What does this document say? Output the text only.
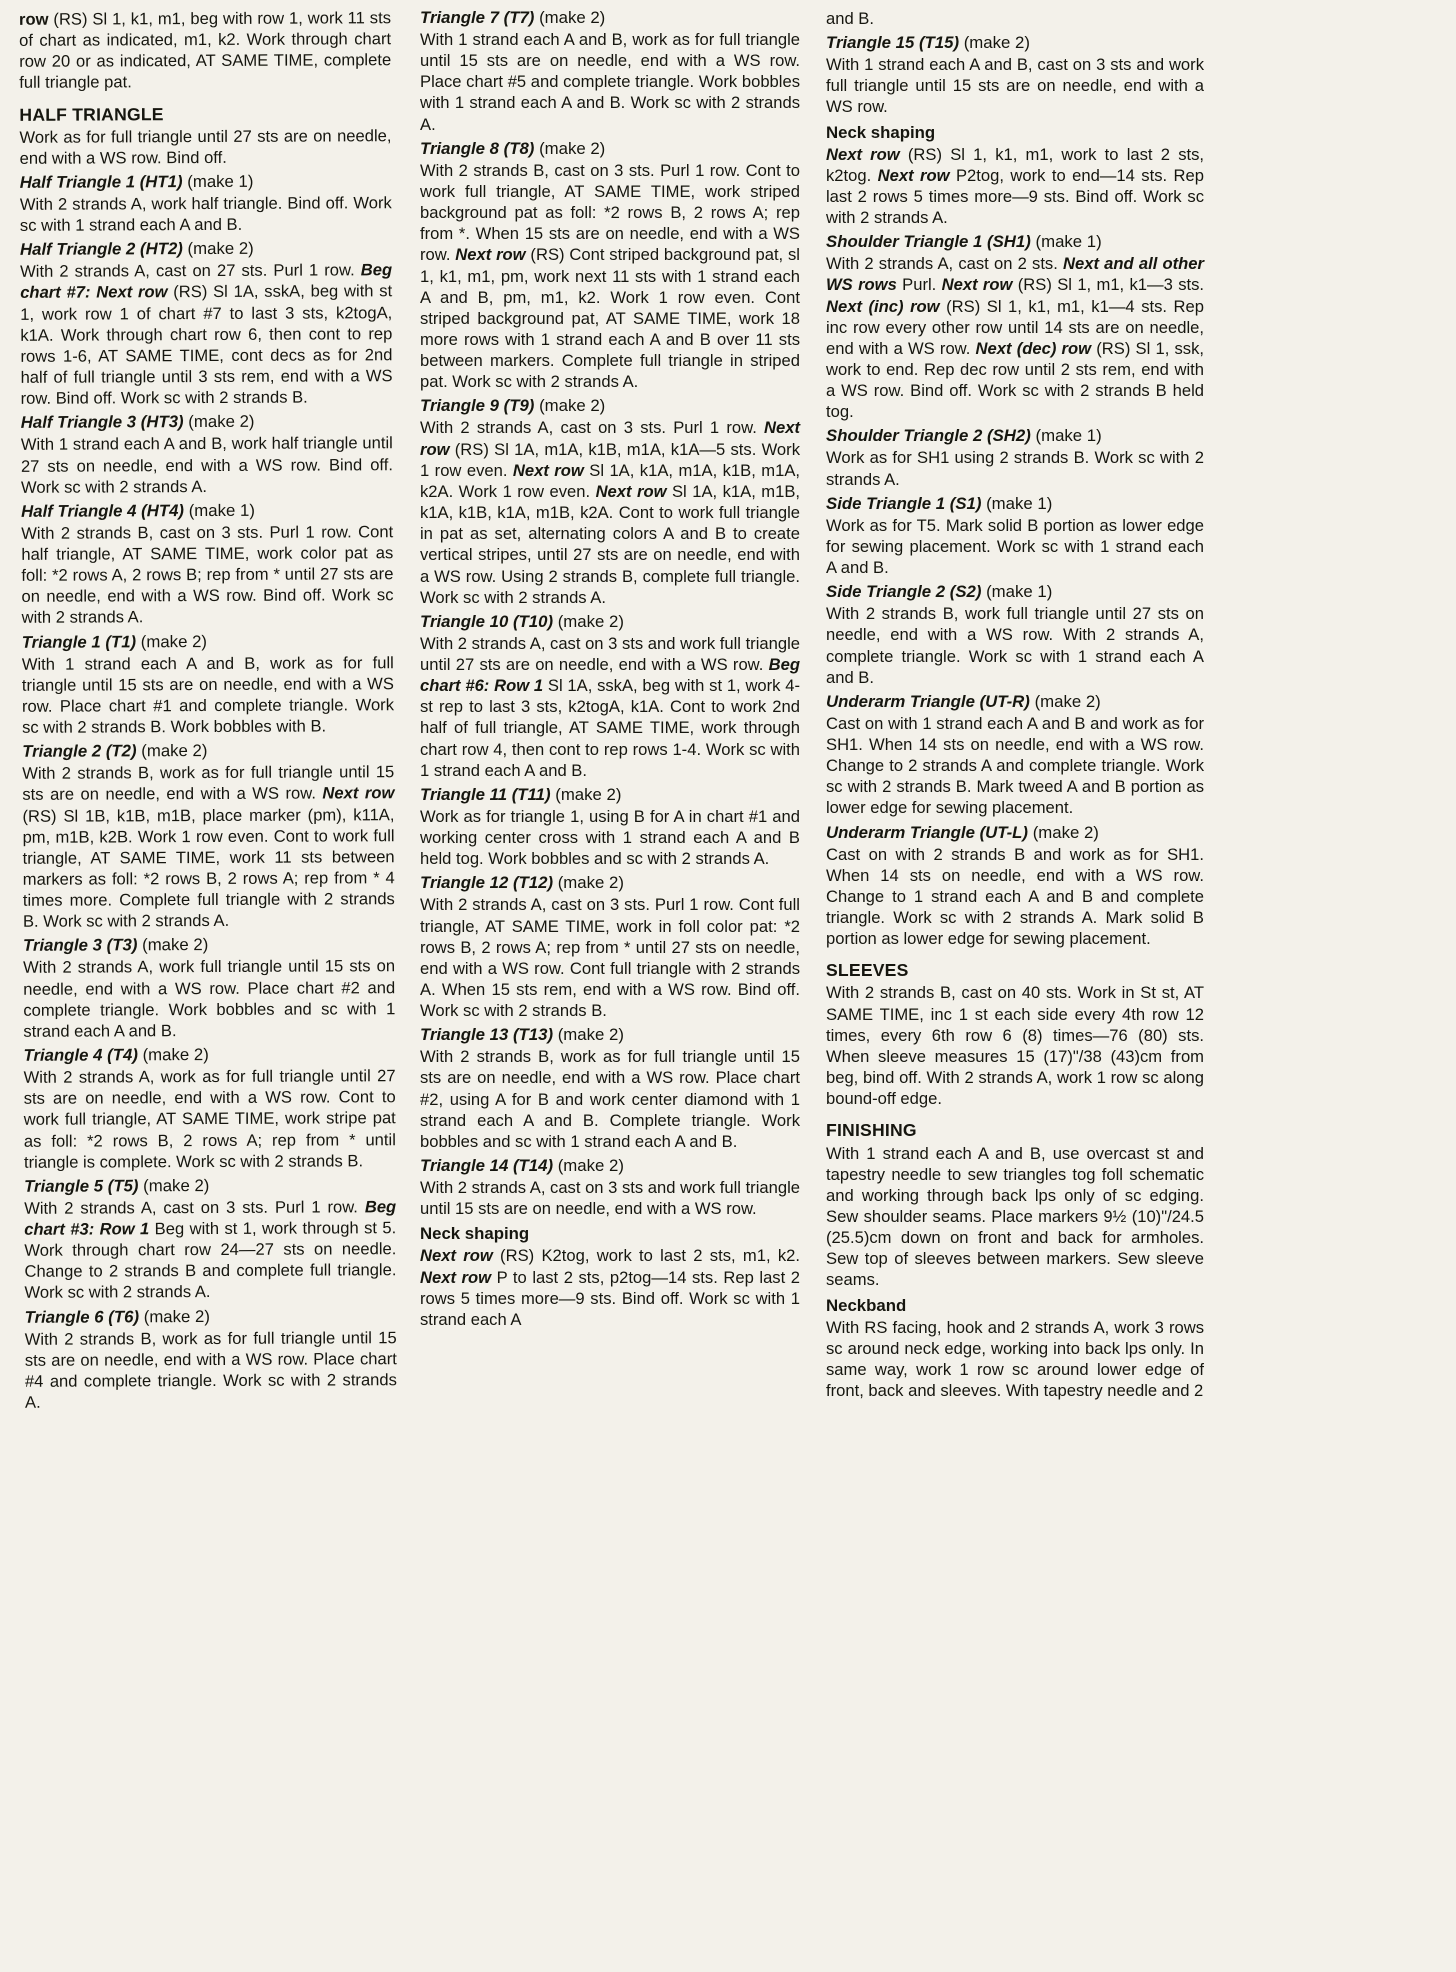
row (RS) Sl 1, k1, m1, beg with row 1, work 11 sts of chart as indicated, m1, k2. Work through chart row 20 or as indicated, AT SAME TIME, complete full triangle pat.

HALF TRIANGLE

Work as for full triangle until 27 sts are on needle, end with a WS row. Bind off.

Half Triangle 1 (HT1) (make 1)

With 2 strands A, work half triangle. Bind off. Work sc with 1 strand each A and B.

Half Triangle 2 (HT2) (make 2)

With 2 strands A, cast on 27 sts. Purl 1 row. Beg chart #7: Next row (RS) Sl 1A, sskA, beg with st 1, work row 1 of chart #7 to last 3 sts, k2togA, k1A. Work through chart row 6, then cont to rep rows 1-6, AT SAME TIME, cont decs as for 2nd half of full triangle until 3 sts rem, end with a WS row. Bind off. Work sc with 2 strands B.

Half Triangle 3 (HT3) (make 2)

With 1 strand each A and B, work half triangle until 27 sts on needle, end with a WS row. Bind off. Work sc with 2 strands A.

Half Triangle 4 (HT4) (make 1)

With 2 strands B, cast on 3 sts. Purl 1 row. Cont half triangle, AT SAME TIME, work color pat as foll: *2 rows A, 2 rows B; rep from * until 27 sts are on needle, end with a WS row. Bind off. Work sc with 2 strands A.

Triangle 1 (T1) (make 2)

With 1 strand each A and B, work as for full triangle until 15 sts are on needle, end with a WS row. Place chart #1 and complete triangle. Work sc with 2 strands B. Work bobbles with B.

Triangle 2 (T2) (make 2)

With 2 strands B, work as for full triangle until 15 sts are on needle, end with a WS row. Next row (RS) Sl 1B, k1B, m1B, place marker (pm), k11A, pm, m1B, k2B. Work 1 row even. Cont to work full triangle, AT SAME TIME, work 11 sts between markers as foll: *2 rows B, 2 rows A; rep from * 4 times more. Complete full triangle with 2 strands B. Work sc with 2 strands A.

Triangle 3 (T3) (make 2)

With 2 strands A, work full triangle until 15 sts on needle, end with a WS row. Place chart #2 and complete triangle. Work bobbles and sc with 1 strand each A and B.

Triangle 4 (T4) (make 2)

With 2 strands A, work as for full triangle until 27 sts are on needle, end with a WS row. Cont to work full triangle, AT SAME TIME, work stripe pat as foll: *2 rows B, 2 rows A; rep from * until triangle is complete. Work sc with 2 strands B.

Triangle 5 (T5) (make 2)

With 2 strands A, cast on 3 sts. Purl 1 row. Beg chart #3: Row 1 Beg with st 1, work through st 5. Work through chart row 24—27 sts on needle. Change to 2 strands B and complete full triangle. Work sc with 2 strands A.

Triangle 6 (T6) (make 2)

With 2 strands B, work as for full triangle until 15 sts are on needle, end with a WS row. Place chart #4 and complete triangle. Work sc with 2 strands A.

Triangle 7 (T7) (make 2)

With 1 strand each A and B, work as for full triangle until 15 sts are on needle, end with a WS row. Place chart #5 and complete triangle. Work bobbles with 1 strand each A and B. Work sc with 2 strands A.

Triangle 8 (T8) (make 2)

With 2 strands B, cast on 3 sts. Purl 1 row. Cont to work full triangle, AT SAME TIME, work striped background pat as foll: *2 rows B, 2 rows A; rep from *. When 15 sts are on needle, end with a WS row. Next row (RS) Cont striped background pat, sl 1, k1, m1, pm, work next 11 sts with 1 strand each A and B, pm, m1, k2. Work 1 row even. Cont striped background pat, AT SAME TIME, work 18 more rows with 1 strand each A and B over 11 sts between markers. Complete full triangle in striped pat. Work sc with 2 strands A.

Triangle 9 (T9) (make 2)

With 2 strands A, cast on 3 sts. Purl 1 row. Next row (RS) Sl 1A, m1A, k1B, m1A, k1A—5 sts. Work 1 row even. Next row Sl 1A, k1A, m1A, k1B, m1A, k2A. Work 1 row even. Next row Sl 1A, k1A, m1B, k1A, k1B, k1A, m1B, k2A. Cont to work full triangle in pat as set, alternating colors A and B to create vertical stripes, until 27 sts are on needle, end with a WS row. Using 2 strands B, complete full triangle. Work sc with 2 strands A.

Triangle 10 (T10) (make 2)

With 2 strands A, cast on 3 sts and work full triangle until 27 sts are on needle, end with a WS row. Beg chart #6: Row 1 Sl 1A, sskA, beg with st 1, work 4-st rep to last 3 sts, k2togA, k1A. Cont to work 2nd half of full triangle, AT SAME TIME, work through chart row 4, then cont to rep rows 1-4. Work sc with 1 strand each A and B.

Triangle 11 (T11) (make 2)

Work as for triangle 1, using B for A in chart #1 and working center cross with 1 strand each A and B held tog. Work bobbles and sc with 2 strands A.

Triangle 12 (T12) (make 2)

With 2 strands A, cast on 3 sts. Purl 1 row. Cont full triangle, AT SAME TIME, work in foll color pat: *2 rows B, 2 rows A; rep from * until 27 sts on needle, end with a WS row. Cont full triangle with 2 strands A. When 15 sts rem, end with a WS row. Bind off. Work sc with 2 strands B.

Triangle 13 (T13) (make 2)

With 2 strands B, work as for full triangle until 15 sts are on needle, end with a WS row. Place chart #2, using A for B and work center diamond with 1 strand each A and B. Complete triangle. Work bobbles and sc with 1 strand each A and B.

Triangle 14 (T14) (make 2)

With 2 strands A, cast on 3 sts and work full triangle until 15 sts are on needle, end with a WS row.

Neck shaping

Next row (RS) K2tog, work to last 2 sts, m1, k2. Next row P to last 2 sts, p2tog—14 sts. Rep last 2 rows 5 times more—9 sts. Bind off. Work sc with 1 strand each A

and B.

Triangle 15 (T15) (make 2)

With 1 strand each A and B, cast on 3 sts and work full triangle until 15 sts are on needle, end with a WS row.

Neck shaping

Next row (RS) Sl 1, k1, m1, work to last 2 sts, k2tog. Next row P2tog, work to end—14 sts. Rep last 2 rows 5 times more—9 sts. Bind off. Work sc with 2 strands A.

Shoulder Triangle 1 (SH1) (make 1)

With 2 strands A, cast on 2 sts. Next and all other WS rows Purl. Next row (RS) Sl 1, m1, k1—3 sts. Next (inc) row (RS) Sl 1, k1, m1, k1—4 sts. Rep inc row every other row until 14 sts are on needle, end with a WS row. Next (dec) row (RS) Sl 1, ssk, work to end. Rep dec row until 2 sts rem, end with a WS row. Bind off. Work sc with 2 strands B held tog.

Shoulder Triangle 2 (SH2) (make 1)

Work as for SH1 using 2 strands B. Work sc with 2 strands A.

Side Triangle 1 (S1) (make 1)

Work as for T5. Mark solid B portion as lower edge for sewing placement. Work sc with 1 strand each A and B.

Side Triangle 2 (S2) (make 1)

With 2 strands B, work full triangle until 27 sts on needle, end with a WS row. With 2 strands A, complete triangle. Work sc with 1 strand each A and B.

Underarm Triangle (UT-R) (make 2)

Cast on with 1 strand each A and B and work as for SH1. When 14 sts on needle, end with a WS row. Change to 2 strands A and complete triangle. Work sc with 2 strands B. Mark tweed A and B portion as lower edge for sewing placement.

Underarm Triangle (UT-L) (make 2)

Cast on with 2 strands B and work as for SH1. When 14 sts on needle, end with a WS row. Change to 1 strand each A and B and complete triangle. Work sc with 2 strands A. Mark solid B portion as lower edge for sewing placement.

SLEEVES

With 2 strands B, cast on 40 sts. Work in St st, AT SAME TIME, inc 1 st each side every 4th row 12 times, every 6th row 6 (8) times—76 (80) sts. When sleeve measures 15 (17)"/38 (43)cm from beg, bind off. With 2 strands A, work 1 row sc along bound-off edge.

FINISHING

With 1 strand each A and B, use overcast st and tapestry needle to sew triangles tog foll schematic and working through back lps only of sc edging. Sew shoulder seams. Place markers 9½ (10)"/24.5 (25.5)cm down on front and back for armholes. Sew top of sleeves between markers. Sew sleeve seams.

Neckband

With RS facing, hook and 2 strands A, work 3 rows sc around neck edge, working into back lps only. In same way, work 1 row sc around lower edge of front, back and sleeves. With tapestry needle and 2
